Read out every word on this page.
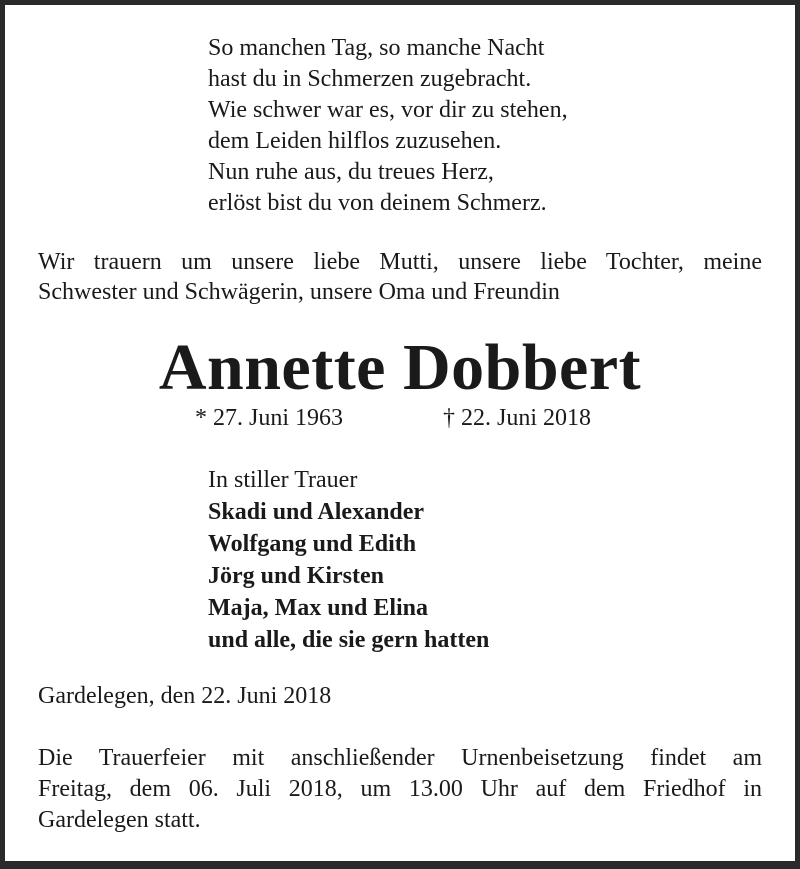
So manchen Tag, so manche Nacht
hast du in Schmerzen zugebracht.
Wie schwer war es, vor dir zu stehen,
dem Leiden hilflos zuzusehen.
Nun ruhe aus, du treues Herz,
erlöst bist du von deinem Schmerz.
Wir trauern um unsere liebe Mutti, unsere liebe Tochter, meine
Schwester und Schwägerin, unsere Oma und Freundin
Annette Dobbert
* 27. Juni 1963	† 22. Juni 2018
In stiller Trauer
Skadi und Alexander
Wolfgang und Edith
Jörg und Kirsten
Maja, Max und Elina
und alle, die sie gern hatten
Gardelegen, den 22. Juni 2018
Die Trauerfeier mit anschließender Urnenbeisetzung findet am
Freitag, dem 06. Juli 2018, um 13.00 Uhr auf dem Friedhof in
Gardelegen statt.
